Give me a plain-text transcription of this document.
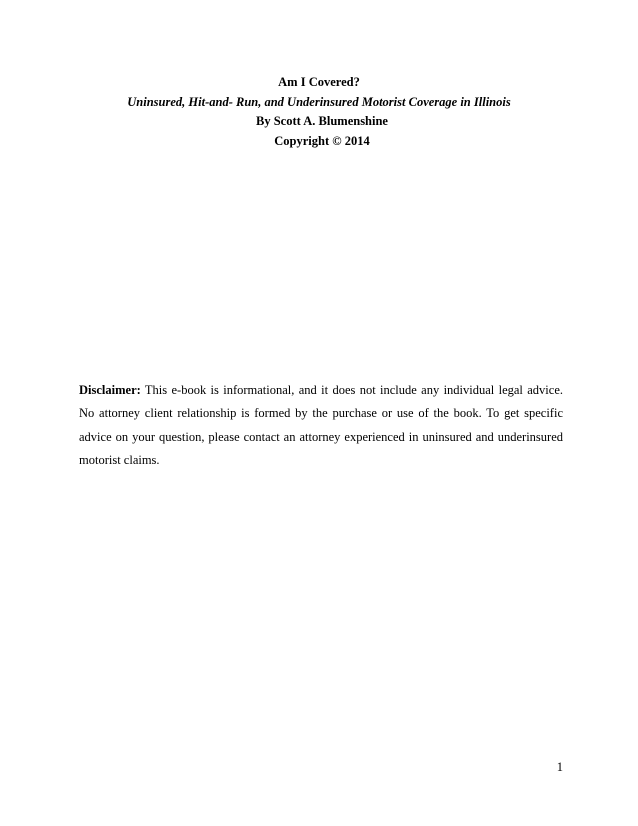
Am I Covered?
Uninsured, Hit-and- Run, and Underinsured Motorist Coverage in Illinois
By Scott A. Blumenshine
Copyright © 2014

Disclaimer: This e-book is informational, and it does not include any individual legal advice. No attorney client relationship is formed by the purchase or use of the book. To get specific advice on your question, please contact an attorney experienced in uninsured and underinsured motorist claims.

1
